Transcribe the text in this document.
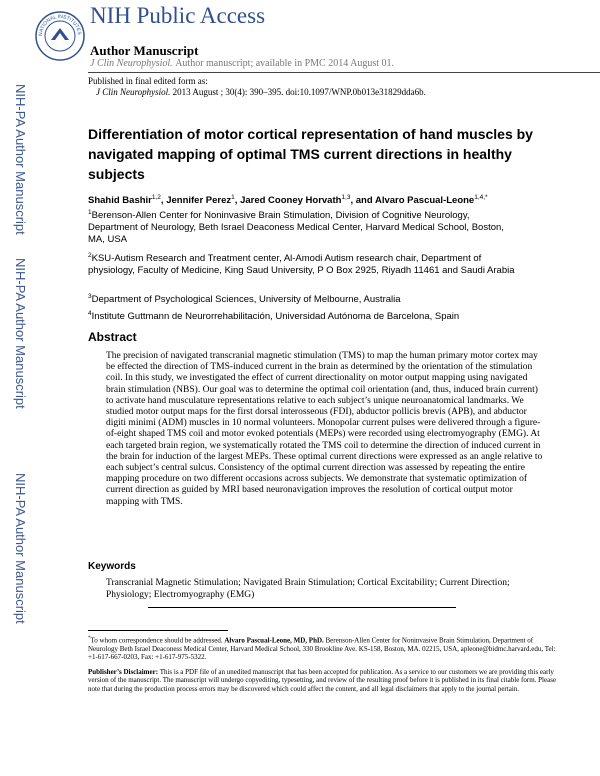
NATIONAL INSTITUTES
NIH Public Access
Author Manuscript
J Clin Neurophysiol. Author manuscript; available in PMC 2014 August 01.
NIH-PA Author Manuscript
NIH-PA Author Manuscript
NIH-PA Author Manuscript
Published in final edited form as:
J Clin Neurophysiol. 2013 August ; 30(4): 390–395. doi:10.1097/WNP.0b013e31829dda6b.
Differentiation of motor cortical representation of hand muscles by navigated mapping of optimal TMS current directions in healthy subjects
Shahid Bashir$^{1,2}$, Jennifer Perez$^1$, Jared Cooney Horvath$^{1,3}$, and Alvaro Pascual-Leone$^{1,4,*}$
$^1$Berenson-Allen Center for Noninvasive Brain Stimulation, Division of Cognitive Neurology, Department of Neurology, Beth Israel Deaconess Medical Center, Harvard Medical School, Boston, MA, USA
$^2$KSU-Autism Research and Treatment center, Al-Amodi Autism research chair, Department of physiology, Faculty of Medicine, King Saud University, P O Box 2925, Riyadh 11461 and Saudi Arabia
$^3$Department of Psychological Sciences, University of Melbourne, Australia
$^4$Institute Guttmann de Neurorrehabilitación, Universidad Autónoma de Barcelona, Spain
Abstract
The precision of navigated transcranial magnetic stimulation (TMS) to map the human primary motor cortex may be effected the direction of TMS-induced current in the brain as determined by the orientation of the stimulation coil. In this study, we investigated the effect of current directionality on motor output mapping using navigated brain stimulation (NBS). Our goal was to determine the optimal coil orientation (and, thus, induced brain current) to activate hand musculature representations relative to each subject’s unique neuroanatomical landmarks. We studied motor output maps for the first dorsal interosseous (FDI), abductor pollicis brevis (APB), and abductor digiti minimi (ADM) muscles in 10 normal volunteers. Monopolar current pulses were delivered through a figure-of-eight shaped TMS coil and motor evoked potentials (MEPs) were recorded using electromyography (EMG). At each targeted brain region, we systematically rotated the TMS coil to determine the direction of induced current in the brain for induction of the largest MEPs. These optimal current directions were expressed as an angle relative to each subject’s central sulcus. Consistency of the optimal current direction was assessed by repeating the entire mapping procedure on two different occasions across subjects. We demonstrate that systematic optimization of current direction as guided by MRI based neuronavigation improves the resolution of cortical output motor mapping with TMS.
Keywords
Transcranial Magnetic Stimulation; Navigated Brain Stimulation; Cortical Excitability; Current Direction; Physiology; Electromyography (EMG)
*To whom correspondence should be addressed. Alvaro Pascual-Leone, MD, PhD. Berenson-Allen Center for Noninvasive Brain Stimulation, Department of Neurology Beth Israel Deaconess Medical Center, Harvard Medical School, 330 Brookline Ave. KS-158, Boston, MA. 02215, USA, apleone@bidmc.harvard.edu, Tel: +1-617-667-0203, Fax: +1-617-975-5322.
Publisher’s Disclaimer: This is a PDF file of an unedited manuscript that has been accepted for publication. As a service to our customers we are providing this early version of the manuscript. The manuscript will undergo copyediting, typesetting, and review of the resulting proof before it is published in its final citable form. Please note that during the production process errors may be discovered which could affect the content, and all legal disclaimers that apply to the journal pertain.
